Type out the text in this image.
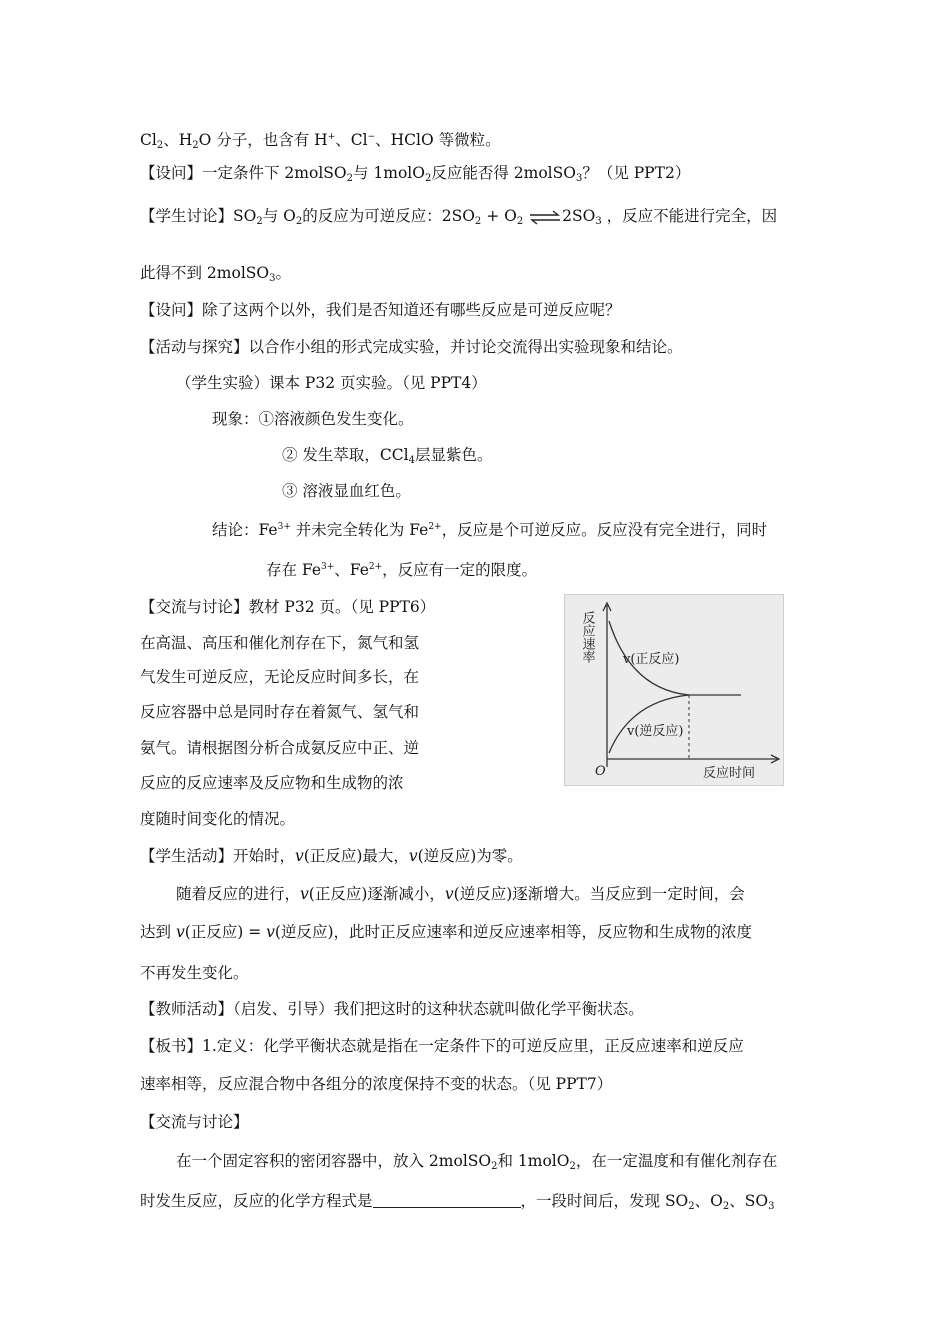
$Cl_2$、$H_2O$ 分子，也含有 H+、Cl−、HClO 等微粒。
【设问】一定条件下 2molSO$_2$与 1molO$_2$反应能否得 2molSO$_3$？（见 PPT2）
【学生讨论】$SO_2$与 $O_2$的反应为可逆反应：$2SO_2 + O_2$ $\rightleftharpoons 2SO_3$ ，反应不能进行完全，因
此得不到 2molSO$_3$。
【设问】除了这两个以外，我们是否知道还有哪些反应是可逆反应呢？
【活动与探究】以合作小组的形式完成实验，并讨论交流得出实验现象和结论。
（学生实验）课本 P32 页实验。（见 PPT4）
现象：①溶液颜色发生变化。
② 发生萃取，CCl$_4$层显紫色。
③ 溶液显血红色。
结论：$Fe^{3+}$ 并未完全转化为 $Fe^{2+}$，反应是个可逆反应。反应没有完全进行，同时
存在 $Fe^{3+}$、$Fe^{2+}$，反应有一定的限度。
【交流与讨论】教材 P32 页。（见 PPT6）
在高温、高压和催化剂存在下，氮气和氢
气发生可逆反应，无论反应时间多长，在
反应容器中总是同时存在着氮气、氢气和
氨气。请根据图分析合成氨反应中正、逆
反应的反应速率及反应物和生成物的浓
度随时间变化的情况。
【学生活动】开始时，v(正反应)最大，v(逆反应)为零。
随着反应的进行，v(正反应)逐渐减小，v(逆反应)逐渐增大。当反应到一定时间，会
达到 v(正反应) = v(逆反应)，此时正反应速率和逆反应速率相等，反应物和生成物的浓度
不再发生变化。
【教师活动】（启发、引导）我们把这时的这种状态就叫做化学平衡状态。
【板书】1.定义：化学平衡状态就是指在一定条件下的可逆反应里，正反应速率和逆反应
速率相等，反应混合物中各组分的浓度保持不变的状态。（见 PPT7）
【交流与讨论】
在一个固定容积的密闭容器中，放入 2molSO$_2$和 1molO$_2$，在一定温度和有催化剂存在
时发生反应，反应的化学方程式是	，一段时间后，发现 $SO_2$、$O_2$、$SO_3$
反应速率 v(正反应)
v(逆反应)
O	反应时间
